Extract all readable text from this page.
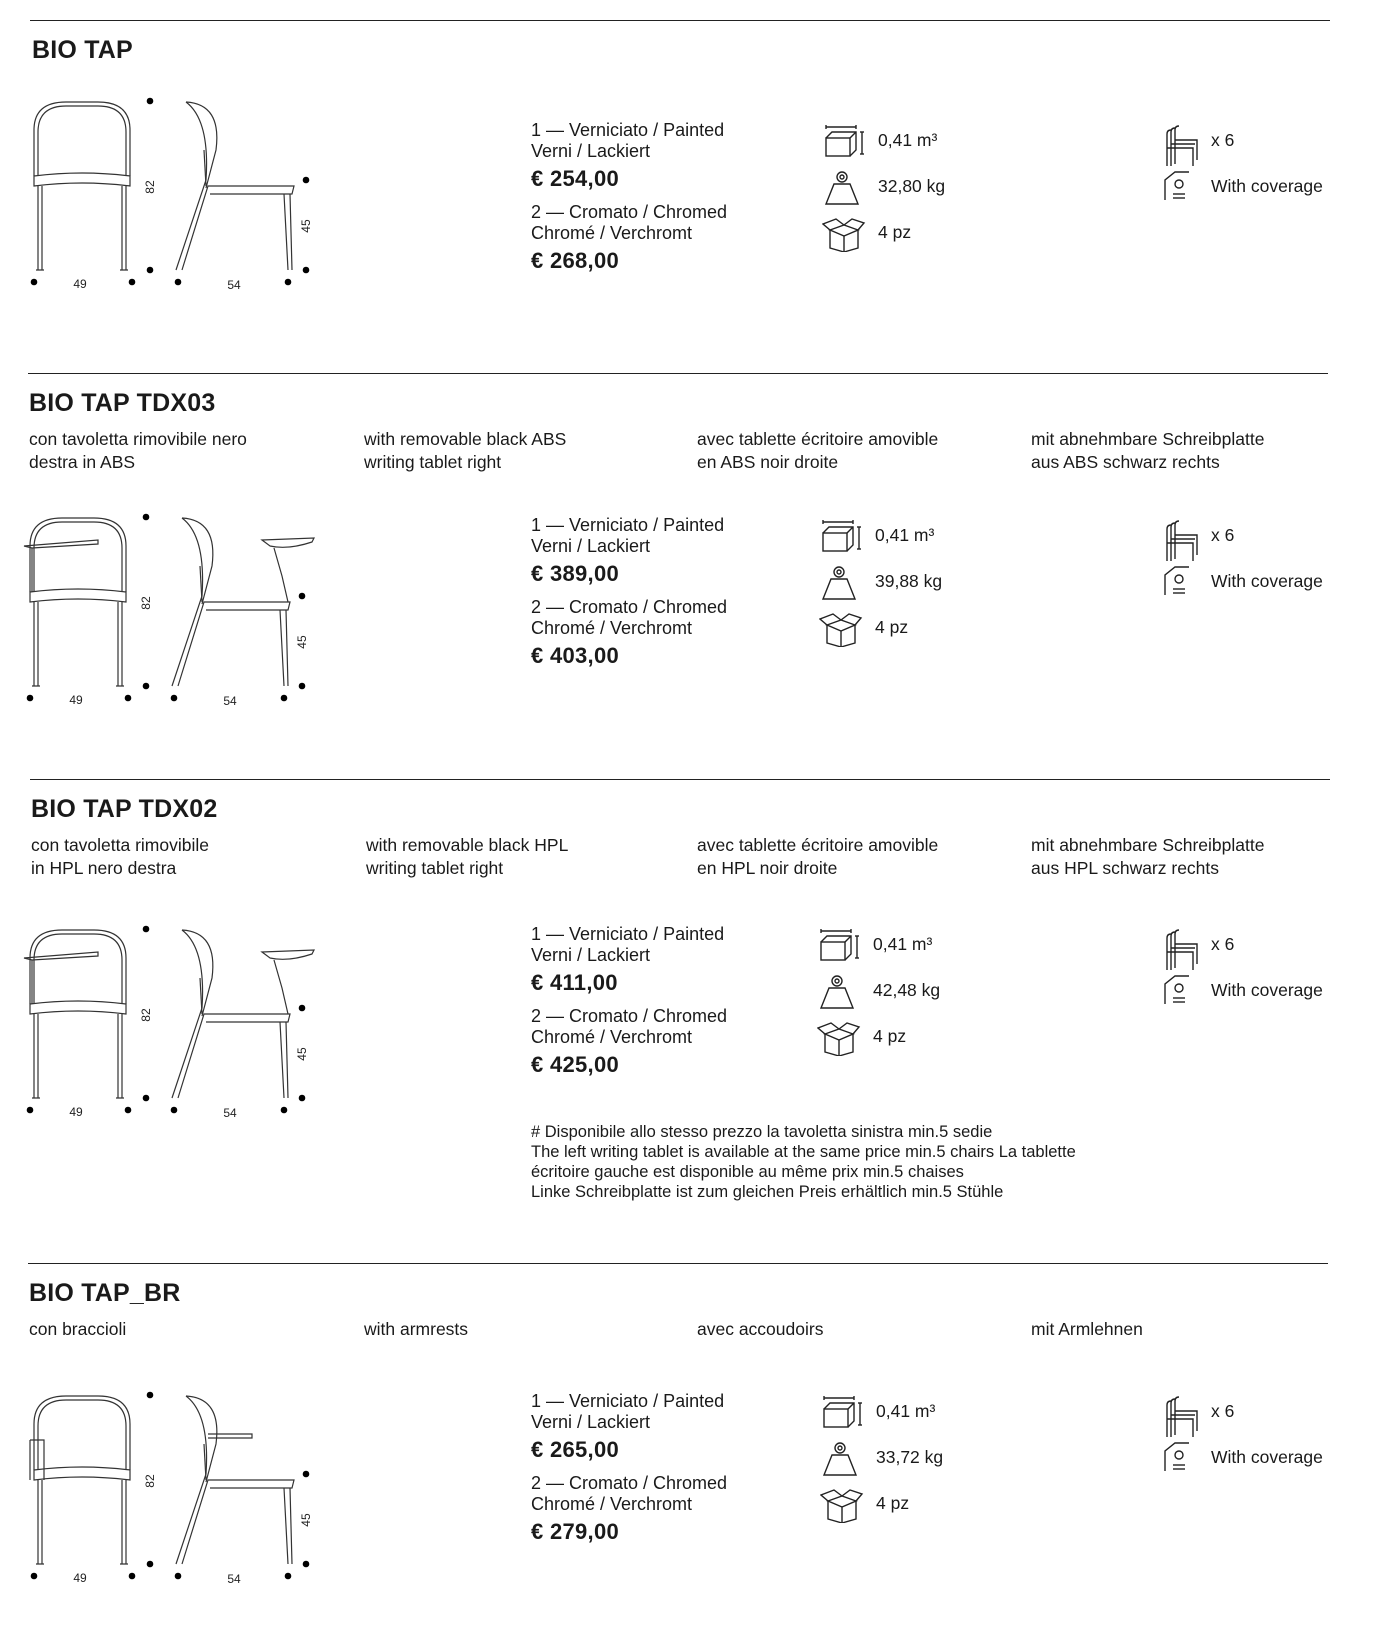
BIO TAP
49	54
82
45
1 — Verniciato / Painted
Verni / Lackiert
€ 254,00
2 — Cromato / Chromed
Chromé / Verchromt
€ 268,00
0,41 m³
32,80 kg
4 pz
x 6
With coverage
BIO TAP TDX03
con tavoletta rimovibile nero
destra in ABS
with removable black ABS
writing tablet right
avec tablette écritoire amovible
en ABS noir droite
mit abnehmbare Schreibplatte
aus ABS schwarz rechts
49	54
82
45
1 — Verniciato / Painted
Verni / Lackiert
€ 389,00
2 — Cromato / Chromed
Chromé / Verchromt
€ 403,00
0,41 m³
39,88 kg
4 pz
x 6
With coverage
BIO TAP TDX02
con tavoletta rimovibile
in HPL nero destra
with removable black HPL
writing tablet right
avec tablette écritoire amovible
en HPL noir droite
mit abnehmbare Schreibplatte
aus HPL schwarz rechts
49	54
82
45
1 — Verniciato / Painted
Verni / Lackiert
€ 411,00
2 — Cromato / Chromed
Chromé / Verchromt
€ 425,00
0,41 m³
42,48 kg
4 pz
x 6
With coverage
# Disponibile allo stesso prezzo la tavoletta sinistra min.5 sedie
The left writing tablet is available at the same price min.5 chairs La tablette
écritoire gauche est disponible au même prix min.5 chaises
Linke Schreibplatte ist zum gleichen Preis erhältlich min.5 Stühle
BIO TAP_BR
con braccioli	with armrests	avec accoudoirs	mit Armlehnen
49	54
82
45
1 — Verniciato / Painted
Verni / Lackiert
€ 265,00
2 — Cromato / Chromed
Chromé / Verchromt
€ 279,00
0,41 m³
33,72 kg
4 pz
x 6
With coverage
